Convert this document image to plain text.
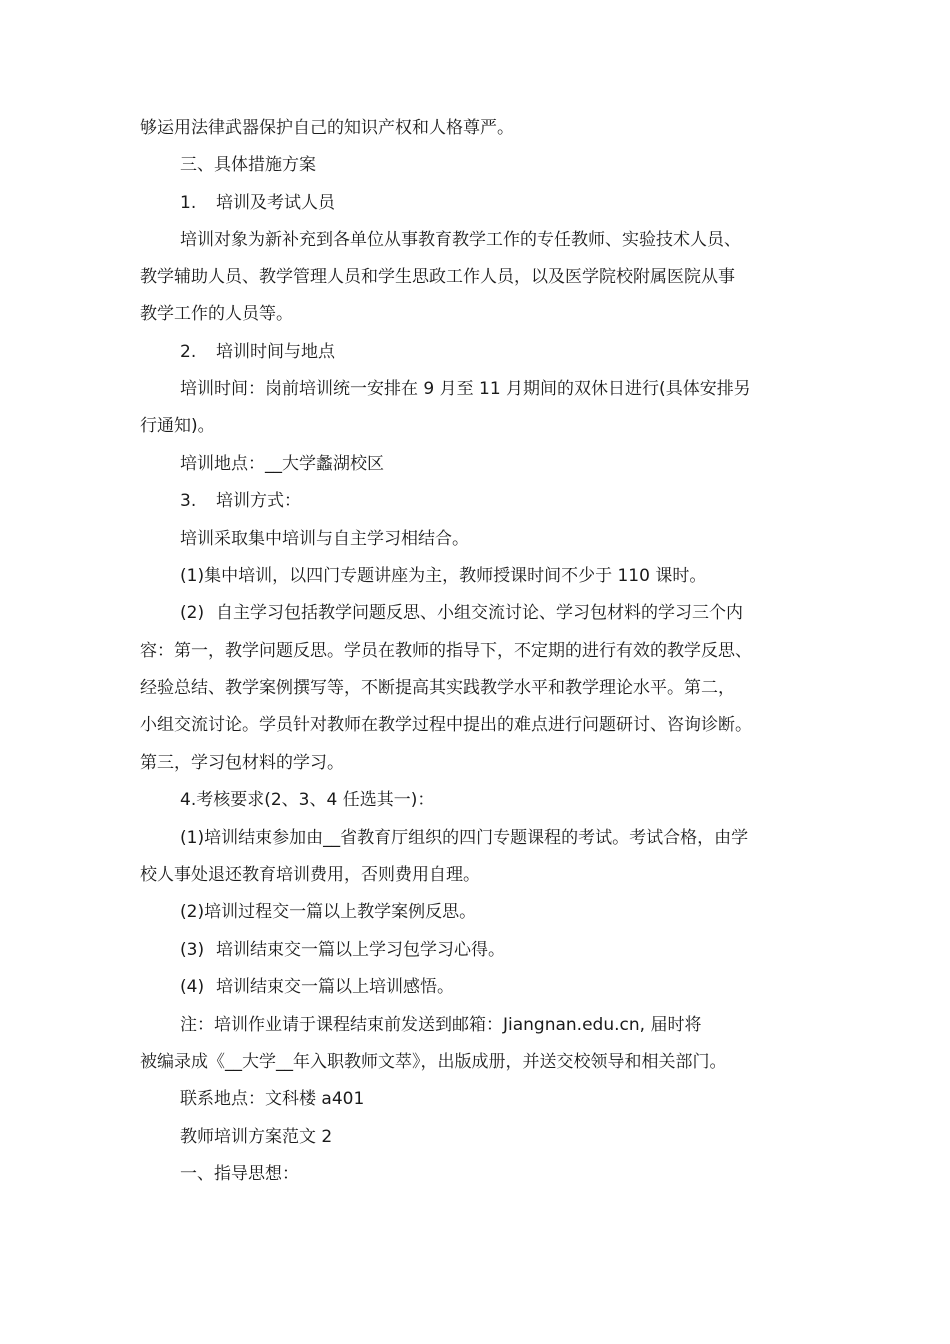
够运用法律武器保护自己的知识产权和人格尊严。
三、具体措施方案
1. 培训及考试人员
培训对象为新补充到各单位从事教育教学工作的专任教师、实验技术人员、
教学辅助人员、教学管理人员和学生思政工作人员，以及医学院校附属医院从事
教学工作的人员等。
2. 培训时间与地点
培训时间：岗前培训统一安排在 9 月至 11 月期间的双休日进行(具体安排另
行通知)。
培训地点：__大学蠡湖校区
3. 培训方式：
培训采取集中培训与自主学习相结合。
(1)集中培训，以四门专题讲座为主，教师授课时间不少于 110 课时。
(2) 自主学习包括教学问题反思、小组交流讨论、学习包材料的学习三个内
容：第一，教学问题反思。学员在教师的指导下，不定期的进行有效的教学反思、
经验总结、教学案例撰写等，不断提高其实践教学水平和教学理论水平。第二，
小组交流讨论。学员针对教师在教学过程中提出的难点进行问题研讨、咨询诊断。
第三，学习包材料的学习。
4.考核要求(2、3、4 任选其一)：
(1)培训结束参加由__省教育厅组织的四门专题课程的考试。考试合格，由学
校人事处退还教育培训费用，否则费用自理。
(2)培训过程交一篇以上教学案例反思。
(3) 培训结束交一篇以上学习包学习心得。
(4) 培训结束交一篇以上培训感悟。
注：培训作业请于课程结束前发送到邮箱：Jiangnan.edu.cn, 届时将
被编录成《__大学__年入职教师文萃》，出版成册，并送交校领导和相关部门。
联系地点：文科楼 a401
教师培训方案范文 2
一、指导思想：
